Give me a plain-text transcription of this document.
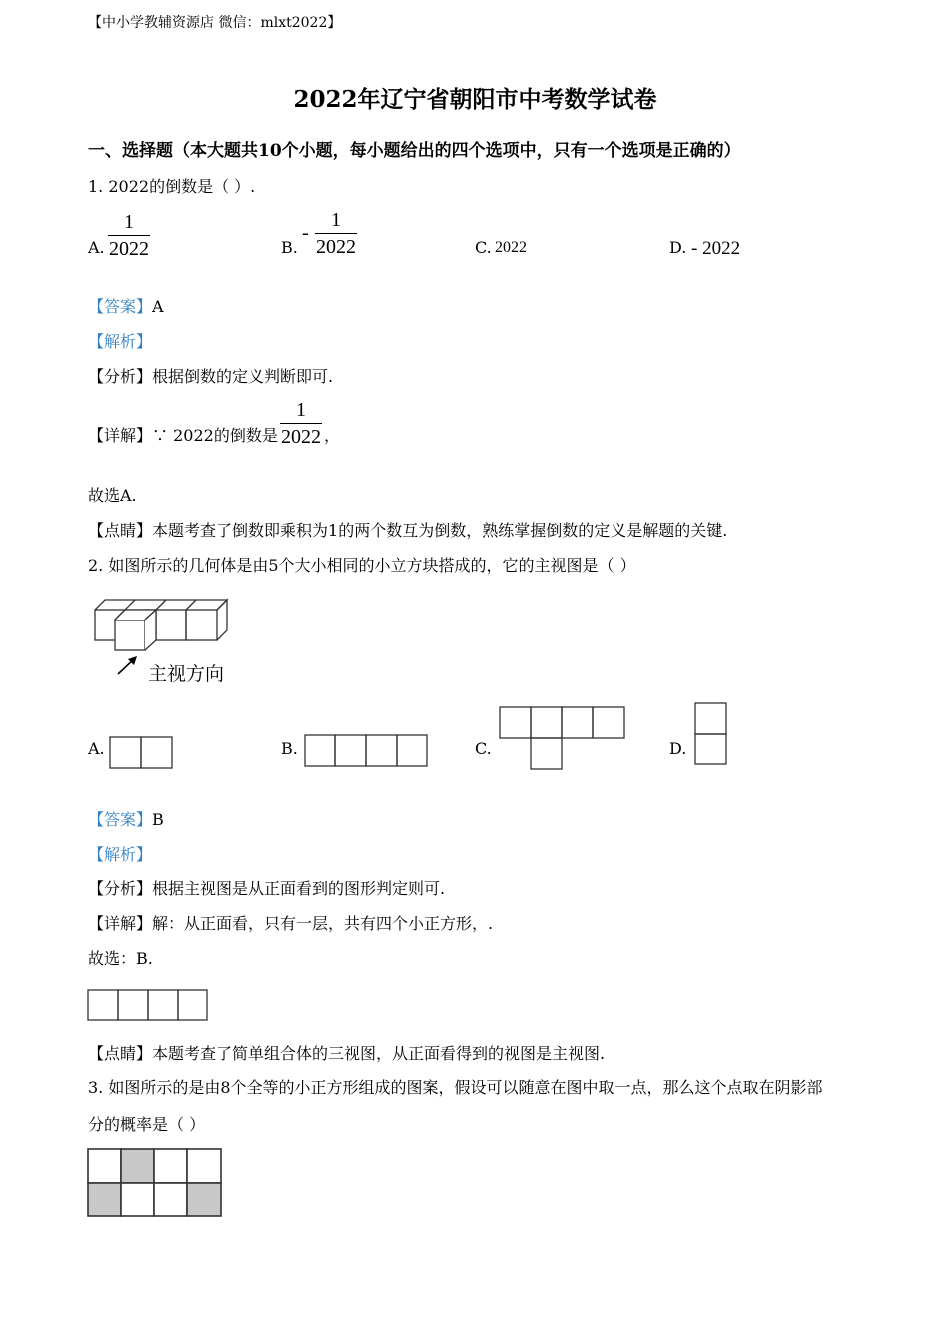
【中小学教辅资源店 微信：mlxt2022】
2022年辽宁省朝阳市中考数学试卷
一、选择题（本大题共10个小题，每小题给出的四个选项中，只有一个选项是正确的）
1. 2022的倒数是（ ）.
A.
1
2022	B.
-
1
2022	C. 2022	D. - 2022
【答案】A
【解析】
【分析】根据倒数的定义判断即可.
【详解】∵ 2022的倒数是
1
2022 ，
故选A.
【点睛】本题考查了倒数即乘积为1的两个数互为倒数，熟练掌握倒数的定义是解题的关键.
2. 如图所示的几何体是由5个大小相同的小立方块搭成的，它的主视图是（ ）
主视方向
A.	B.	C.	D.
【答案】B
【解析】
【分析】根据主视图是从正面看到的图形判定则可.
【详解】解：从正面看，只有一层，共有四个小正方形，.
故选：B.
【点睛】本题考查了简单组合体的三视图，从正面看得到的视图是主视图.
3. 如图所示的是由8个全等的小正方形组成的图案，假设可以随意在图中取一点，那么这个点取在阴影部
分的概率是（ ）
